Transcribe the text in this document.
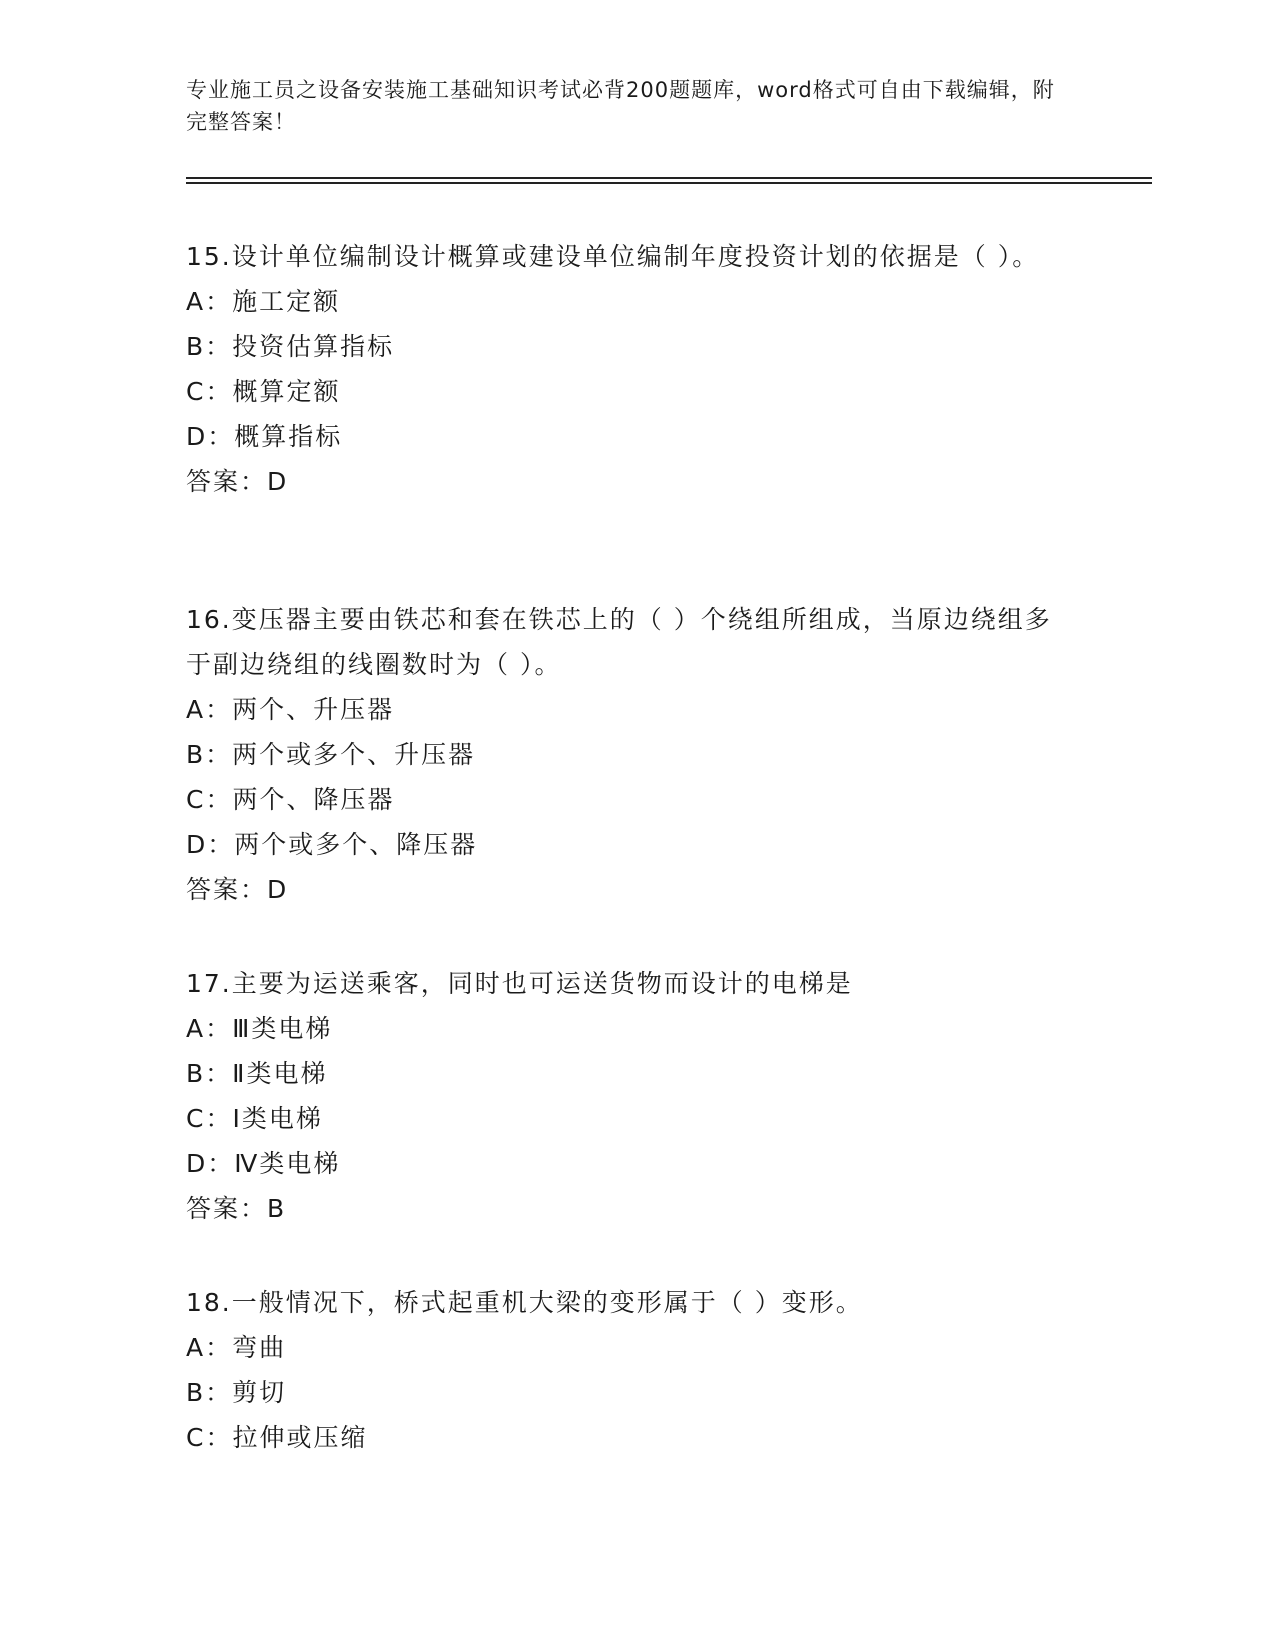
专业施工员之设备安装施工基础知识考试必背200题题库，word格式可自由下载编辑，附完整答案！
15.设计单位编制设计概算或建设单位编制年度投资计划的依据是（ ）。
A：施工定额
B：投资估算指标
C：概算定额
D：概算指标
答案：D
16.变压器主要由铁芯和套在铁芯上的（ ）个绕组所组成，当原边绕组多于副边绕组的线圈数时为（ ）。
A：两个、升压器
B：两个或多个、升压器
C：两个、降压器
D：两个或多个、降压器
答案：D
17.主要为运送乘客，同时也可运送货物而设计的电梯是
A：Ⅲ类电梯
B：Ⅱ类电梯
C：Ⅰ类电梯
D：Ⅳ类电梯
答案：B
18.一般情况下，桥式起重机大梁的变形属于（ ）变形。
A：弯曲
B：剪切
C：拉伸或压缩
